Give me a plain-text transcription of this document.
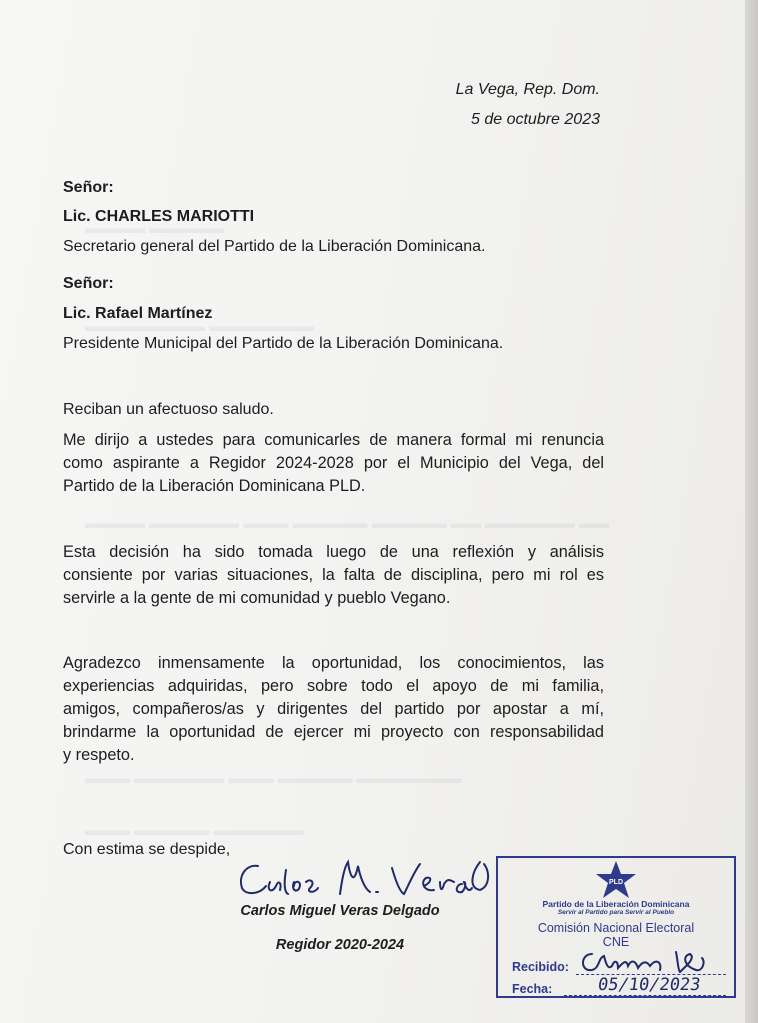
▬▬▬▬ ▬▬▬▬▬
▬▬▬▬▬▬▬▬ ▬▬▬▬▬▬▬
▬▬▬▬ ▬▬▬▬▬▬ ▬▬▬ ▬▬▬▬▬ ▬▬▬▬▬ ▬▬ ▬▬▬▬▬▬ ▬▬
▬▬▬ ▬▬▬▬▬▬ ▬▬▬ ▬▬▬▬▬ ▬▬▬▬▬▬▬
▬▬▬ ▬▬▬▬▬ ▬▬▬▬▬▬
La Vega, Rep. Dom.
5 de octubre 2023
Señor:
Lic. CHARLES MARIOTTI
Secretario general del Partido de la Liberación Dominicana.
Señor:
Lic. Rafael Martínez
Presidente Municipal del Partido de la Liberación Dominicana.
Reciban un afectuoso saludo.
Me dirijo a ustedes para comunicarles de manera formal mi renuncia
como aspirante a Regidor 2024-2028 por el Municipio del Vega, del
Partido de la Liberación Dominicana PLD.
Esta decisión ha sido tomada luego de una reflexión y análisis
consiente por varias situaciones, la falta de disciplina, pero mi rol es
servirle a la gente de mi comunidad y pueblo Vegano.
Agradezco inmensamente la oportunidad, los conocimientos, las
experiencias adquiridas, pero sobre todo el apoyo de mi familia,
amigos, compañeros/as y dirigentes del partido por apostar a mí,
brindarme la oportunidad de ejercer mi proyecto con responsabilidad
y respeto.
Con estima se despide,
Carlos Miguel Veras Delgado
Regidor 2020-2024
PLD
Partido de la Liberación Dominicana
Servir al Partido para Servir al Pueblo
Comisión Nacional Electoral
CNE
Recibido:
Fecha:	05/10/2023
